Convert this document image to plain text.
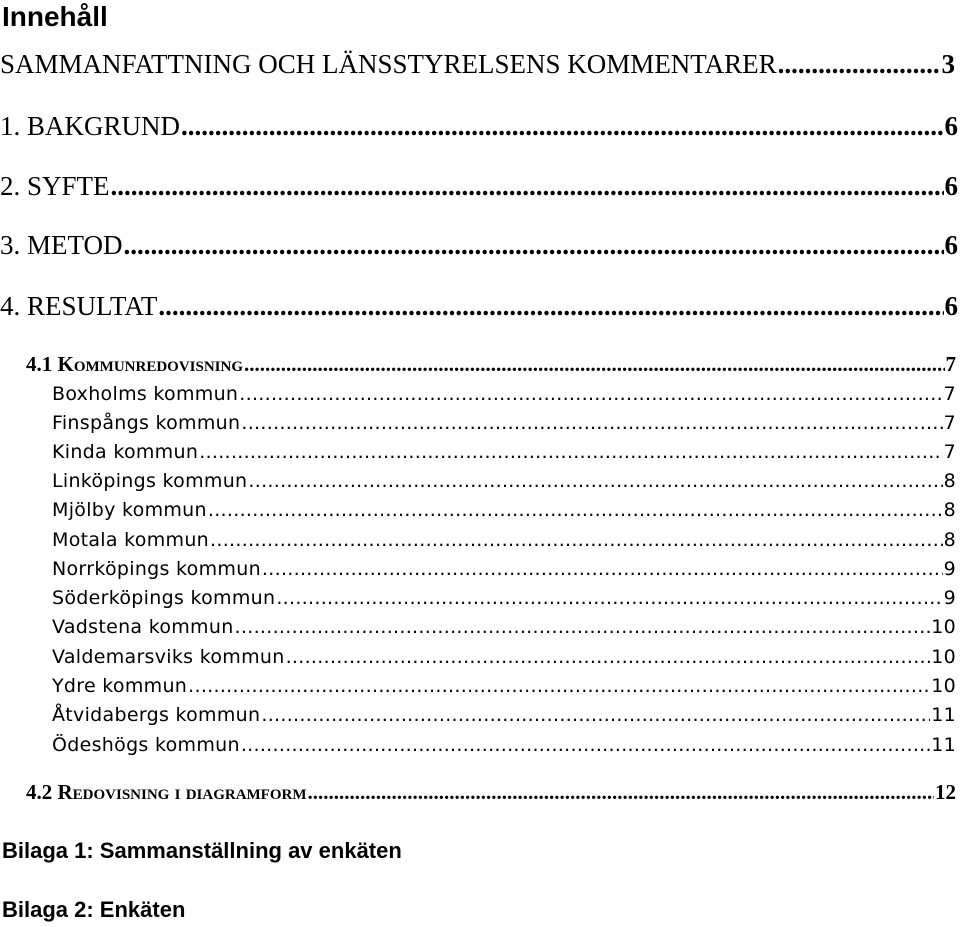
Innehåll
SAMMANFATTNING OCH LÄNSSTYRELSENS KOMMENTARER .....	3
1. BAKGRUND .....	6
2. SYFTE .....	6
3. METOD .....	6
4. RESULTAT .....	6
4.1 Kommunredovisning .....	7
Boxholms kommun .....	7
Finspångs kommun .....	7
Kinda kommun .....	7
Linköpings kommun .....	8
Mjölby kommun .....	8
Motala kommun .....	8
Norrköpings kommun .....	9
Söderköpings kommun .....	9
Vadstena kommun .....	10
Valdemarsviks kommun .....	10
Ydre kommun .....	10
Åtvidabergs kommun .....	11
Ödeshögs kommun .....	11
4.2 Redovisning i diagramform .....	12

Bilaga 1: Sammanställning av enkäten

Bilaga 2: Enkäten
